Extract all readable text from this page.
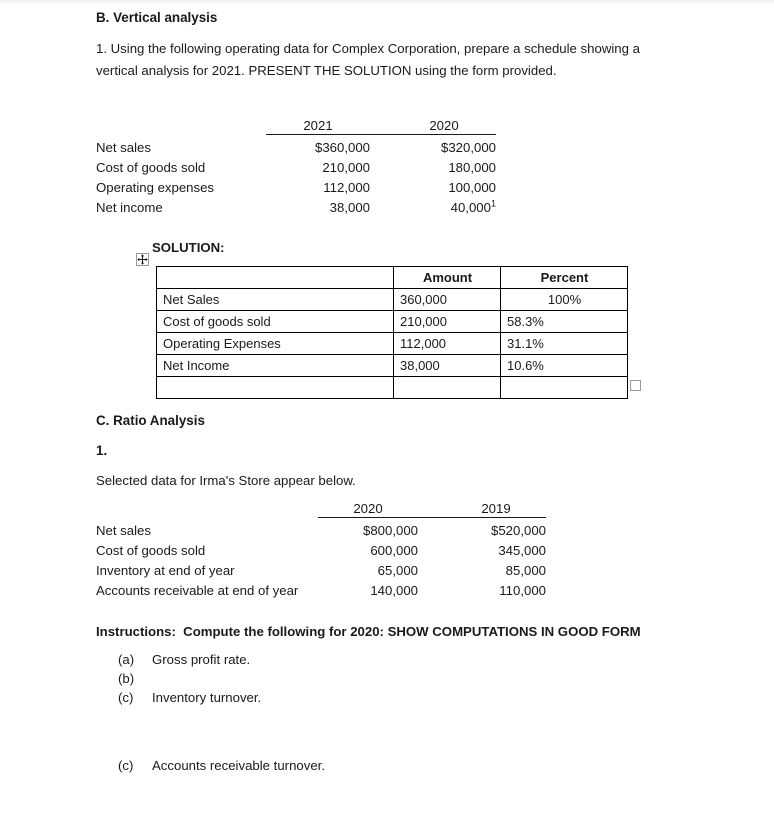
B. Vertical analysis
1. Using the following operating data for Complex Corporation, prepare a schedule showing a vertical analysis for 2021. PRESENT THE SOLUTION using the form provided.
	2021	2020
Net sales	$360,000	$320,000
Cost of goods sold	210,000	180,000
Operating expenses	112,000	100,000
Net income	38,000	40,000$^1$
SOLUTION:
	Amount	Percent
Net Sales	360,000	100%
Cost of goods sold	210,000	58.3%
Operating Expenses	112,000	31.1%
Net Income	38,000	10.6%

C. Ratio Analysis
1.
Selected data for Irma's Store appear below.
	2020	2019
Net sales	$800,000	$520,000
Cost of goods sold	600,000	345,000
Inventory at end of year	65,000	85,000
Accounts receivable at end of year	140,000	110,000
Instructions:  Compute the following for 2020: SHOW COMPUTATIONS IN GOOD FORM
(a) Gross profit rate.
(b)
(c) Inventory turnover.
(c) Accounts receivable turnover.
